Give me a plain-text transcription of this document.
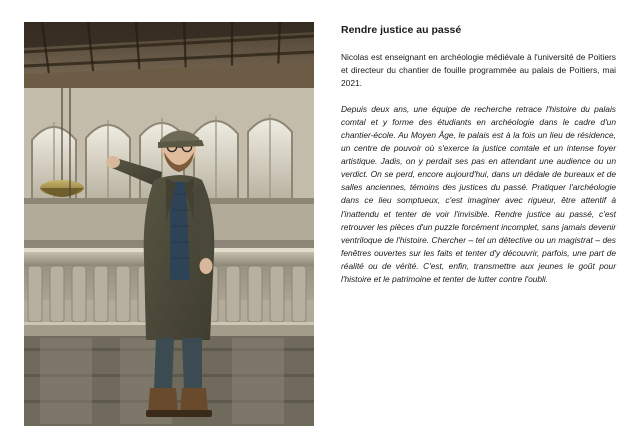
Rendre justice au passé

Nicolas est enseignant en archéologie médiévale à l'université de Poitiers et directeur du chantier de fouille programmée au palais de Poitiers, mai 2021.

Depuis deux ans, une équipe de recherche retrace l'histoire du palais comtal et y forme des étudiants en archéologie dans le cadre d'un chantier-école. Au Moyen Âge, le palais est à la fois un lieu de résidence, un centre de pouvoir où s'exerce la justice comtale et un intense foyer artistique. Jadis, on y perdait ses pas en attendant une audience ou un verdict. On se perd, encore aujourd'hui, dans un dédale de bureaux et de salles anciennes, témoins des justices du passé. Pratiquer l'archéologie dans ce lieu somptueux, c'est imaginer avec rigueur, être attentif à l'inattendu et tenter de voir l'invisible. Rendre justice au passé, c'est retrouver les pièces d'un puzzle forcément incomplet, sans jamais devenir ventriloque de l'histoire. Chercher – tel un détective ou un magistrat – des fenêtres ouvertes sur les faits et tenter d'y découvrir, parfois, une part de réalité ou de vérité. C'est, enfin, transmettre aux jeunes le goût pour l'histoire et le patrimoine et tenter de lutter contre l'oubli.
